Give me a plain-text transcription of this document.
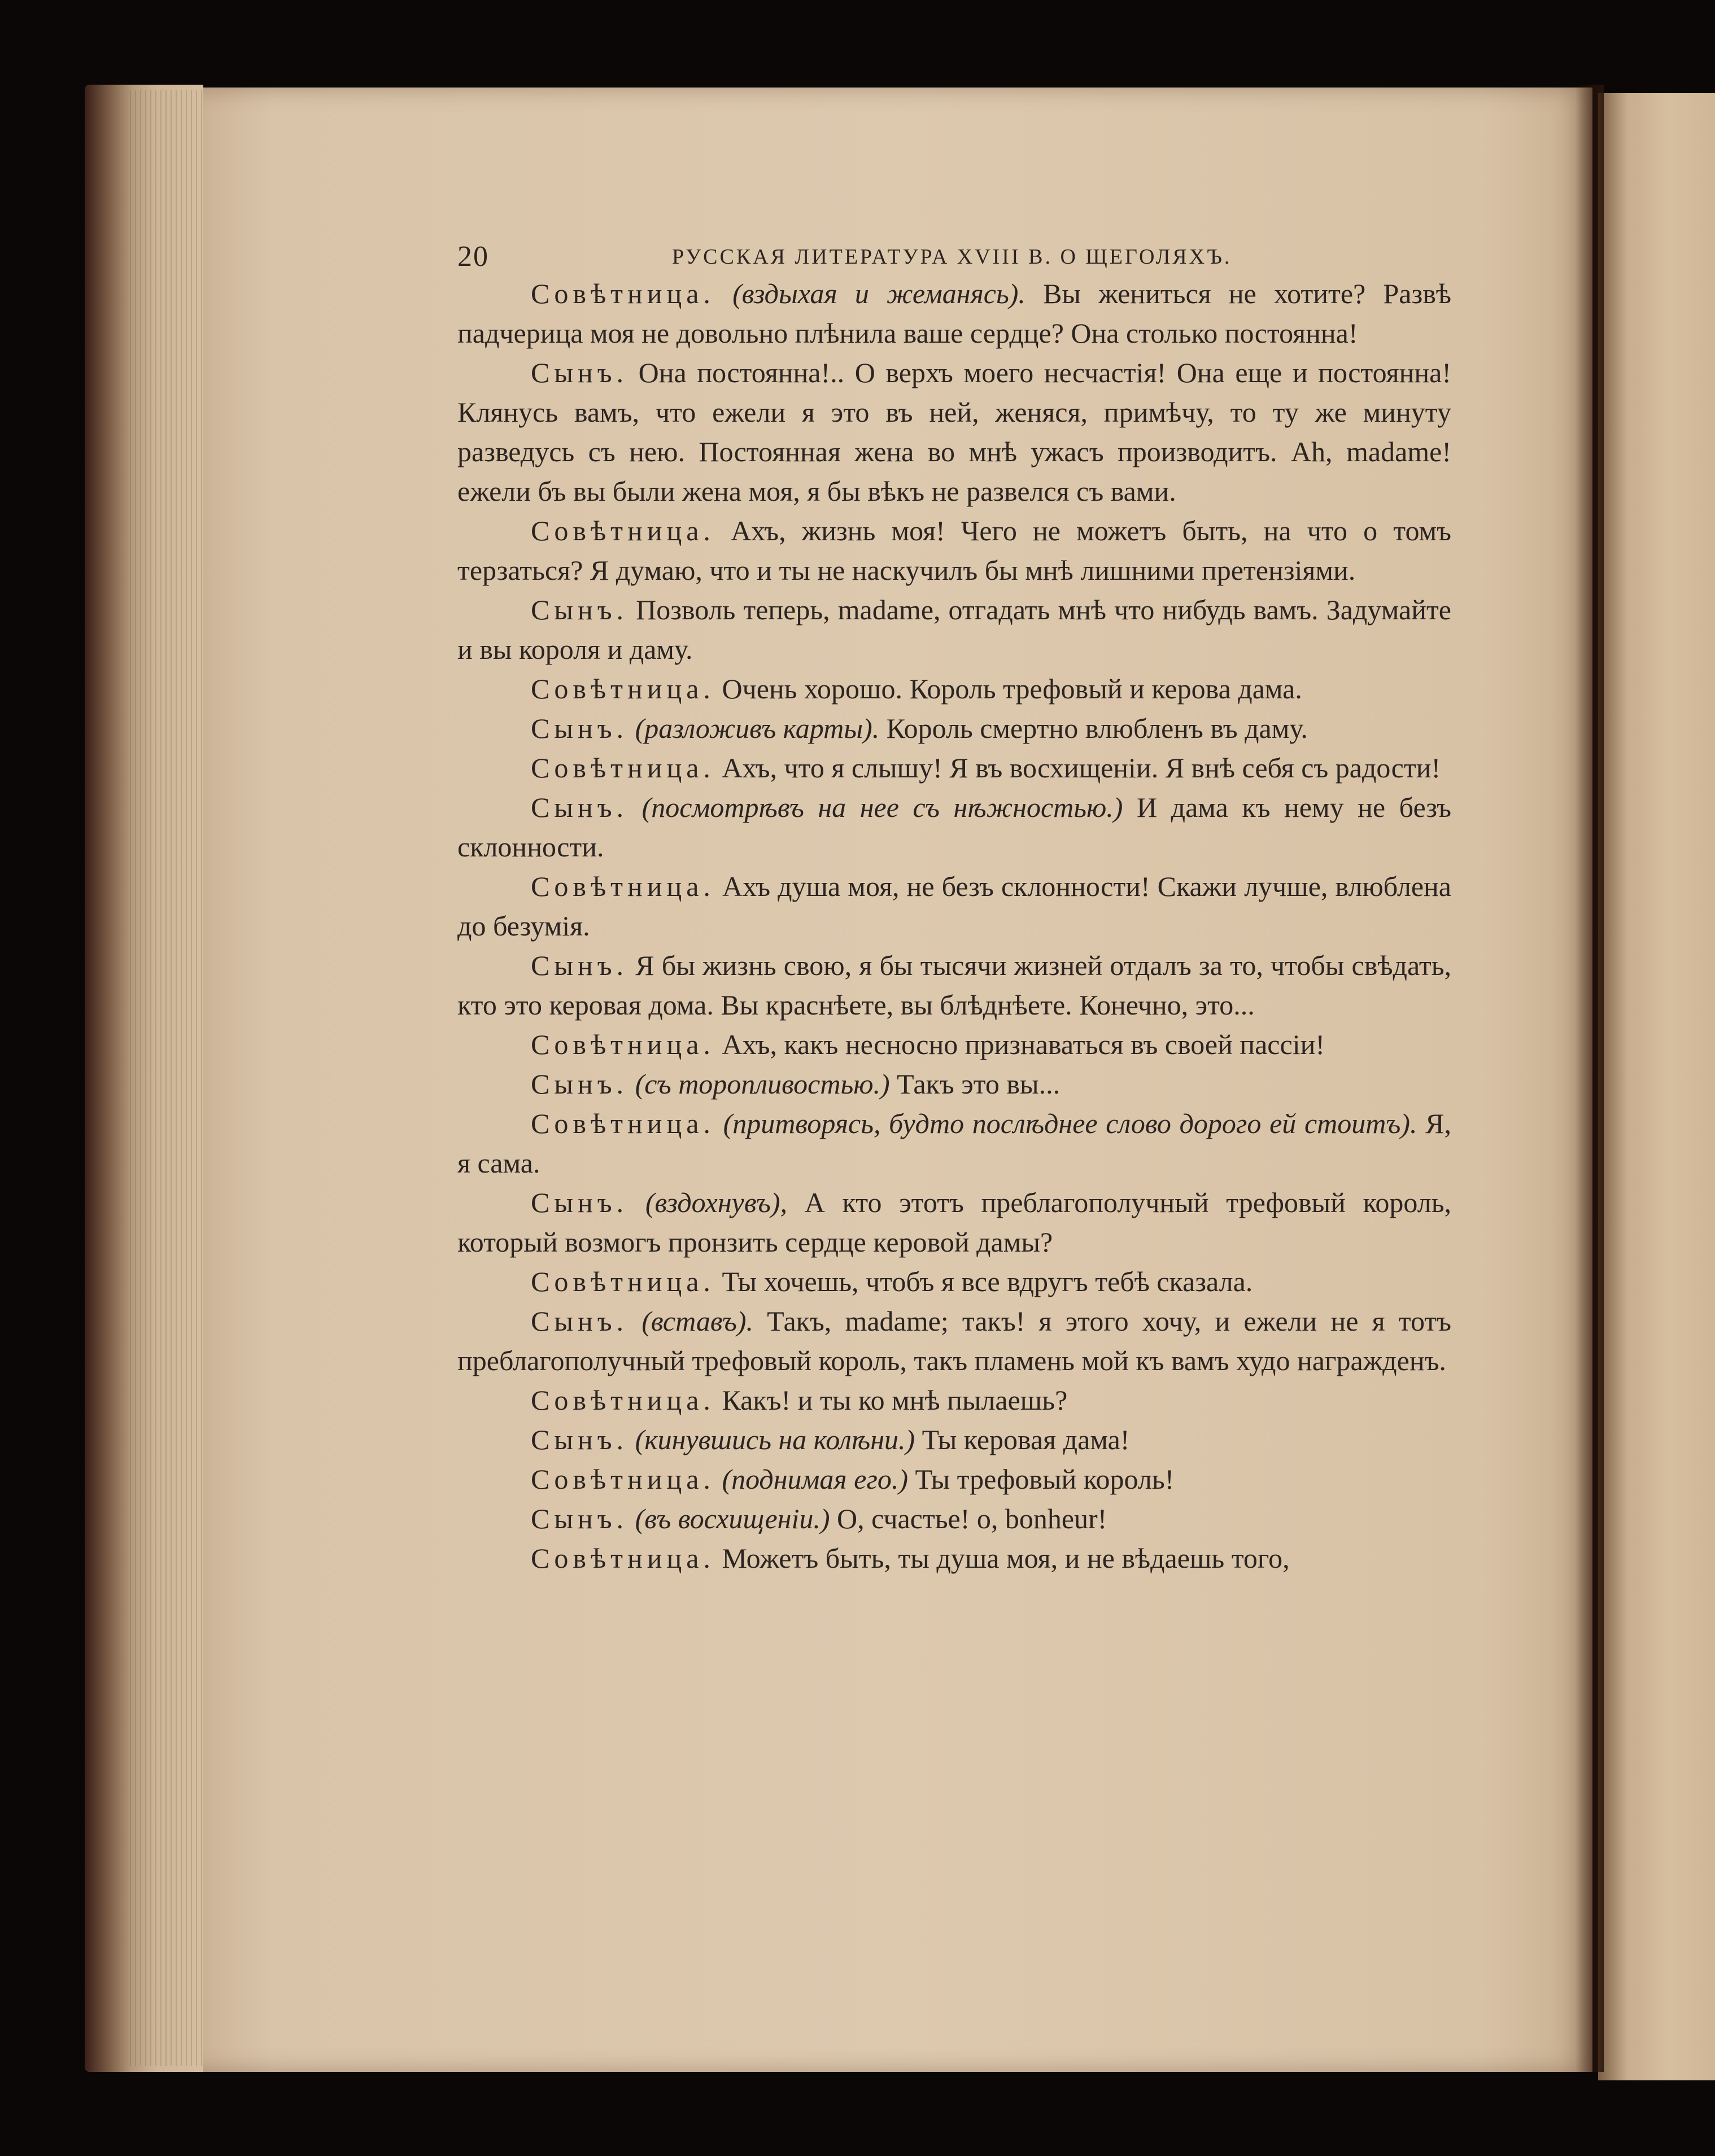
20	РУССКАЯ ЛИТЕРАТУРА XVIII В. О ЩЕГОЛЯХЪ.

Совѣтница. (вздыхая и жеманясь). Вы жениться не хотите? Развѣ падчерица моя не довольно плѣнила ваше сердце? Она столько постоянна!

Сынъ. Она постоянна!.. О верхъ моего несчастія! Она еще и постоянна! Клянусь вамъ, что ежели я это въ ней, женяся, примѣчу, то ту же минуту разведусь съ нею. Постоянная жена во мнѣ ужасъ производитъ. Ah, madame! ежели бъ вы были жена моя, я бы вѣкъ не развелся съ вами.

Совѣтница. Ахъ, жизнь моя! Чего не можетъ быть, на что о томъ терзаться? Я думаю, что и ты не наскучилъ бы мнѣ лишними претензіями.

Сынъ. Позволь теперь, madame, отгадать мнѣ что нибудь вамъ. Задумайте и вы короля и даму.

Совѣтница. Очень хорошо. Король трефовый и керова дама.

Сынъ. (разложивъ карты). Король смертно влюбленъ въ даму.

Совѣтница. Ахъ, что я слышу! Я въ восхищеніи. Я внѣ себя съ радости!

Сынъ. (посмотрѣвъ на нее съ нѣжностью.) И дама къ нему не безъ склонности.

Совѣтница. Ахъ душа моя, не безъ склонности! Скажи лучше, влюблена до безумія.

Сынъ. Я бы жизнь свою, я бы тысячи жизней отдалъ за то, чтобы свѣдать, кто это керовая дома. Вы краснѣете, вы блѣднѣете. Конечно, это...

Совѣтница. Ахъ, какъ несносно признаваться въ своей пассіи!

Сынъ. (съ торопливостью.) Такъ это вы...

Совѣтница. (притворясь, будто послѣднее слово дорого ей стоитъ). Я, я сама.

Сынъ. (вздохнувъ), А кто этотъ преблагополучный трефовый король, который возмогъ пронзить сердце керовой дамы?

Совѣтница. Ты хочешь, чтобъ я все вдругъ тебѣ сказала.

Сынъ. (вставъ). Такъ, madame; такъ! я этого хочу, и ежели не я тотъ преблагополучный трефовый король, такъ пламень мой къ вамъ худо награжденъ.

Совѣтница. Какъ! и ты ко мнѣ пылаешь?

Сынъ. (кинувшись на колѣни.) Ты керовая дама!

Совѣтница. (поднимая его.) Ты трефовый король!

Сынъ. (въ восхищеніи.) О, счастье! о, bonheur!

Совѣтница. Можетъ быть, ты душа моя, и не вѣдаешь того,
